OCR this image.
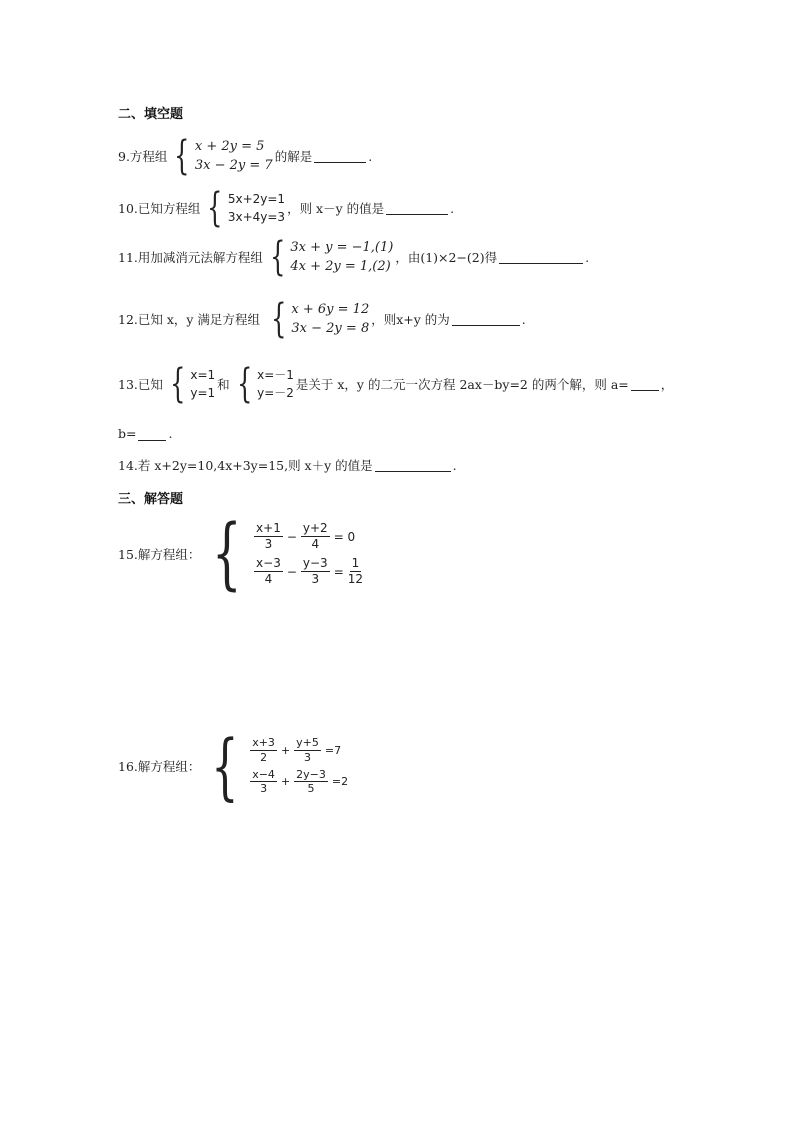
二、填空题
9.方程组 { x + 2y = 5
3x − 2y = 7
的解是	.
10.已知方程组 { 5x+2y=1
3x+4y=3
，则 x－y 的值是	.
11.用加减消元法解方程组 { 3x + y = −1,(1)
4x + 2y = 1,(2)
，由(1)×2−(2)得	.
12.已知 x，y 满足方程组 { x + 6y = 12
3x − 2y = 8
，则x+y 的为	.
13.已知 { x=1
y=1
和 { x=－1
y=－2
是关于 x，y 的二元一次方程 2ax－by=2 的两个解，则 a=	，
b=	.
14.若 x+2y=10,4x+3y=15,则 x＋y 的值是	.
三、解答题
15.解方程组： { $\frac{x+1}{3} - \frac{y+2}{4} = 0$
$\frac{x-3}{4} - \frac{y-3}{3} = \frac{1}{12}$
16.解方程组： { $\frac{x+3}{2} + \frac{y+5}{3} =7$
$\frac{x-4}{3} + \frac{2y-3}{5} =2$
